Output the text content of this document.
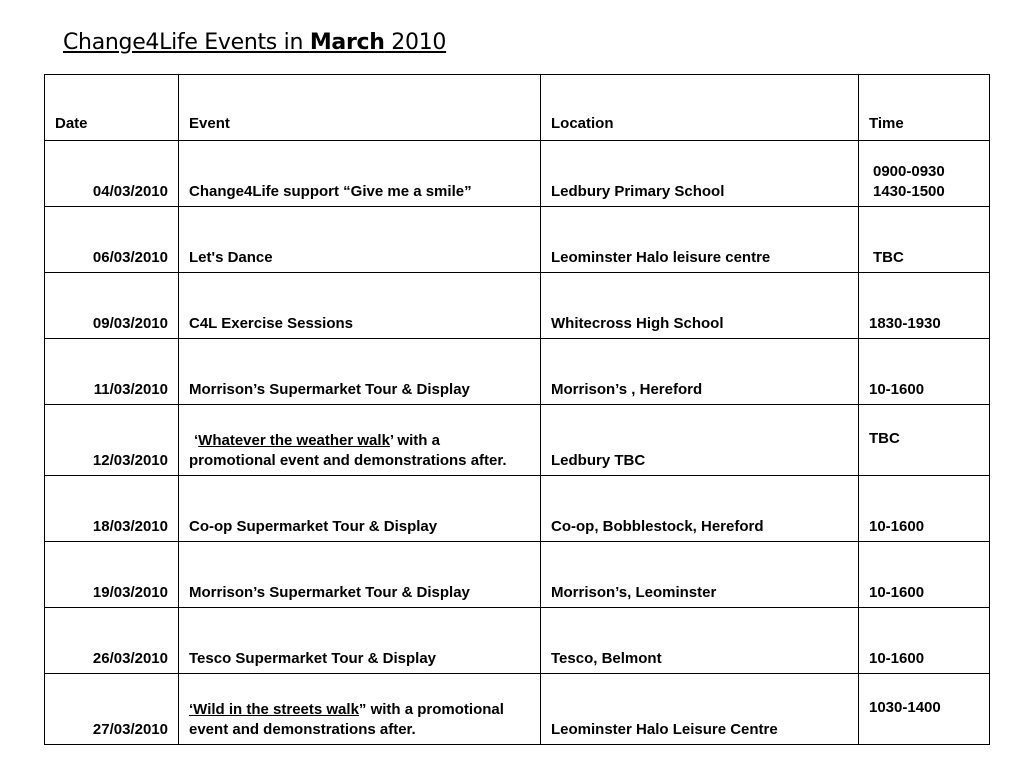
Change4Life Events in March 2010
Date	Event	Location	Time
04/03/2010	Change4Life support “Give me a smile”	Ledbury Primary School	0900-0930
1430-1500

06/03/2010	Let's Dance	Leominster Halo leisure centre	TBC
09/03/2010	C4L Exercise Sessions	Whitecross High School	1830-1930
11/03/2010	Morrison’s Supermarket Tour & Display	Morrison’s , Hereford	10-1600
12/03/2010	‘Whatever the weather walk’ with a promotional event and demonstrations after.	Ledbury TBC	TBC
18/03/2010	Co-op Supermarket Tour & Display	Co-op, Bobblestock, Hereford	10-1600
19/03/2010	Morrison’s Supermarket Tour & Display	Morrison’s, Leominster	10-1600
26/03/2010	Tesco Supermarket Tour & Display	Tesco, Belmont	10-1600
27/03/2010	‘Wild in the streets walk” with a promotional event and demonstrations after.	Leominster Halo Leisure Centre	1030-1400
